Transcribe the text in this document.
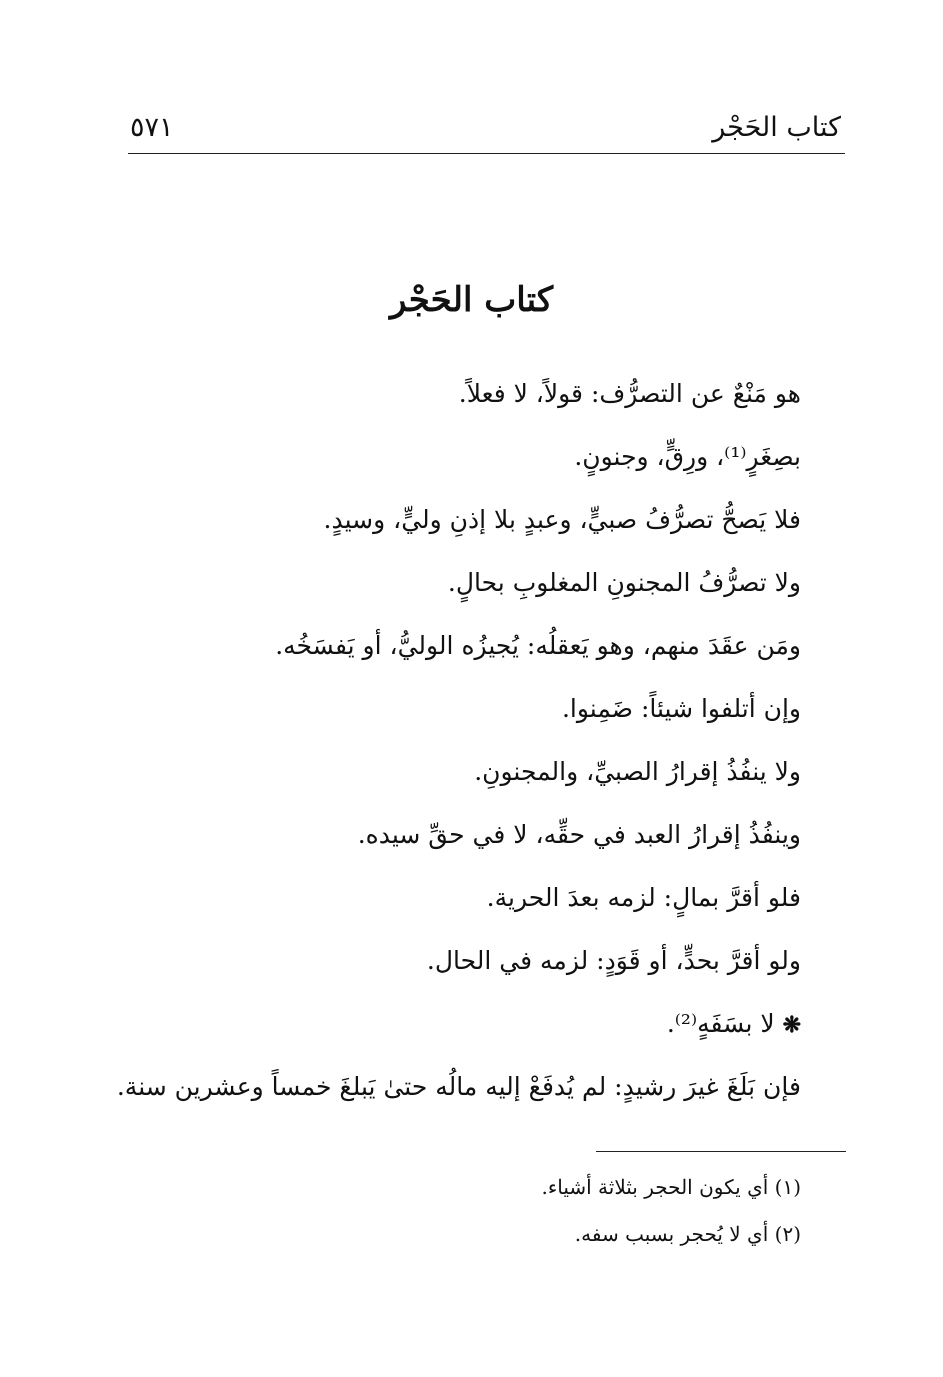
كتاب الحَجْر
٥٧١
كتاب الحَجْر
هو مَنْعٌ عن التصرُّف: قولاً، لا فعلاً.
بصِغَرٍ⁽¹⁾، ورِقٍّ، وجنونٍ.
فلا يَصحُّ تصرُّفُ صبيٍّ، وعبدٍ بلا إذنِ وليٍّ، وسيدٍ.
ولا تصرُّفُ المجنونِ المغلوبِ بحالٍ.
ومَن عقَدَ منهم، وهو يَعقلُه: يُجيزُه الوليُّ، أو يَفسَخُه.
وإن أتلفوا شيئاً: ضَمِنوا.
ولا ينفُذُ إقرارُ الصبيِّ، والمجنونِ.
وينفُذُ إقرارُ العبد في حقِّه، لا في حقِّ سيده.
فلو أقرَّ بمالٍ: لزمه بعدَ الحرية.
ولو أقرَّ بحدٍّ، أو قَوَدٍ: لزمه في الحال.
❋ لا بسَفَهٍ⁽²⁾.
فإن بَلَغَ غيرَ رشيدٍ: لم يُدفَعْ إليه مالُه حتىٰ يَبلغَ خمساً وعشرين سنة.
(١) أي يكون الحجر بثلاثة أشياء.
(٢) أي لا يُحجر بسبب سفه.
